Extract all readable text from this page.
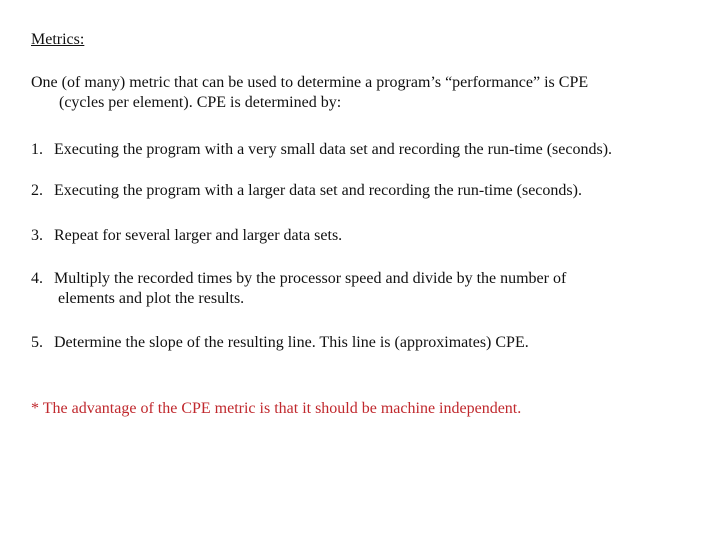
Metrics:
One (of many) metric that can be used to determine a program’s “performance” is CPE
(cycles per element). CPE is determined by:
1. Executing the program with a very small data set and recording the run-time (seconds).
2. Executing the program with a larger data set and recording the run-time (seconds).
3. Repeat for several larger and larger data sets.
4. Multiply the recorded times by the processor speed and divide by the number of
elements and plot the results.
5. Determine the slope of the resulting line. This line is (approximates) CPE.
* The advantage of the CPE metric is that it should be machine independent.
